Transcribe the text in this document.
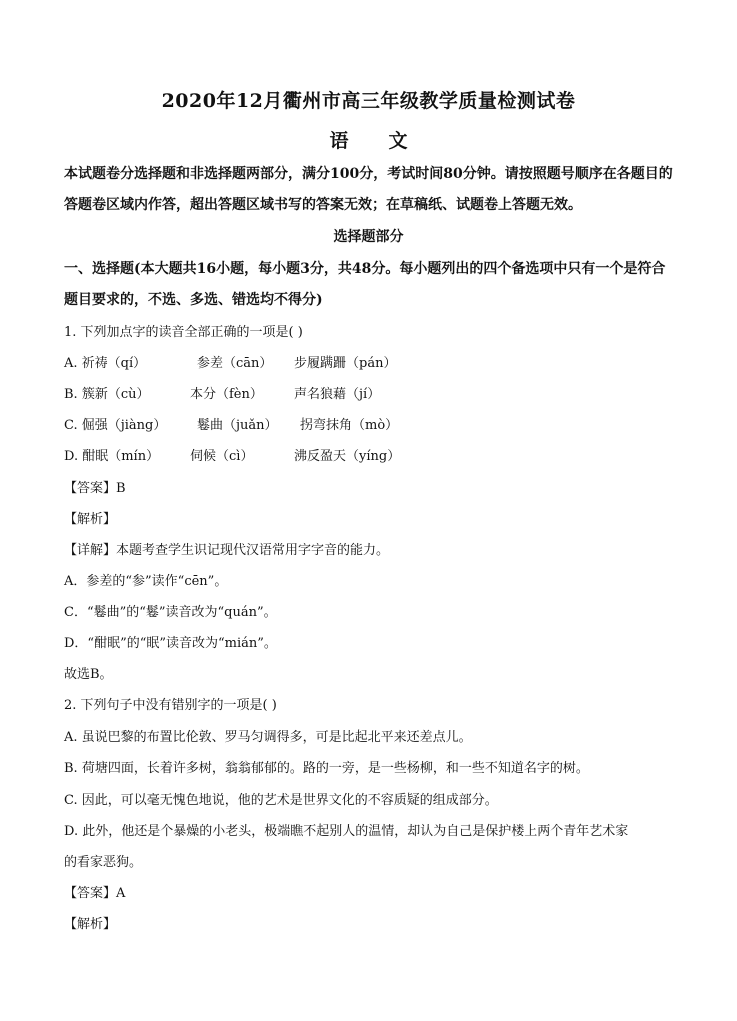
2020年12月衢州市高三年级教学质量检测试卷
语 文
本试题卷分选择题和非选择题两部分，满分100分，考试时间80分钟。请按照题号顺序在各题目的
答题卷区域内作答，超出答题区域书写的答案无效；在草稿纸、试题卷上答题无效。
选择题部分
一、选择题(本大题共16小题，每小题3分，共48分。每小题列出的四个备选项中只有一个是符合
题目要求的，不选、多选、错选均不得分)
1. 下列加点字的读音全部正确的一项是( )
A. 祈祷（qí）	参差（cān） 步履蹒跚（pán）
B. 簇新（cù）	本分（fèn） 声名狼藉（jí）
C. 倔强（jiàng） 鬈曲（juǎn） 拐弯抹角（mò）
D. 酣眠（mín） 伺候（cì）	沸反盈天（yíng）
【答案】B
【解析】
【详解】本题考查学生识记现代汉语常用字字音的能力。
A．参差的“参”读作“cēn”。
C．“鬈曲”的“鬈”读音改为“quán”。
D．“酣眠”的“眠”读音改为“mián”。
故选B。
2. 下列句子中没有错别字的一项是( )
A. 虽说巴黎的布置比伦敦、罗马匀调得多，可是比起北平来还差点儿。
B. 荷塘四面，长着许多树，翁翁郁郁的。路的一旁，是一些杨柳，和一些不知道名字的树。
C. 因此，可以毫无愧色地说，他的艺术是世界文化的不容质疑的组成部分。
D. 此外，他还是个暴燥的小老头，极端瞧不起别人的温情，却认为自己是保护楼上两个青年艺术家
的看家恶狗。
【答案】A
【解析】
